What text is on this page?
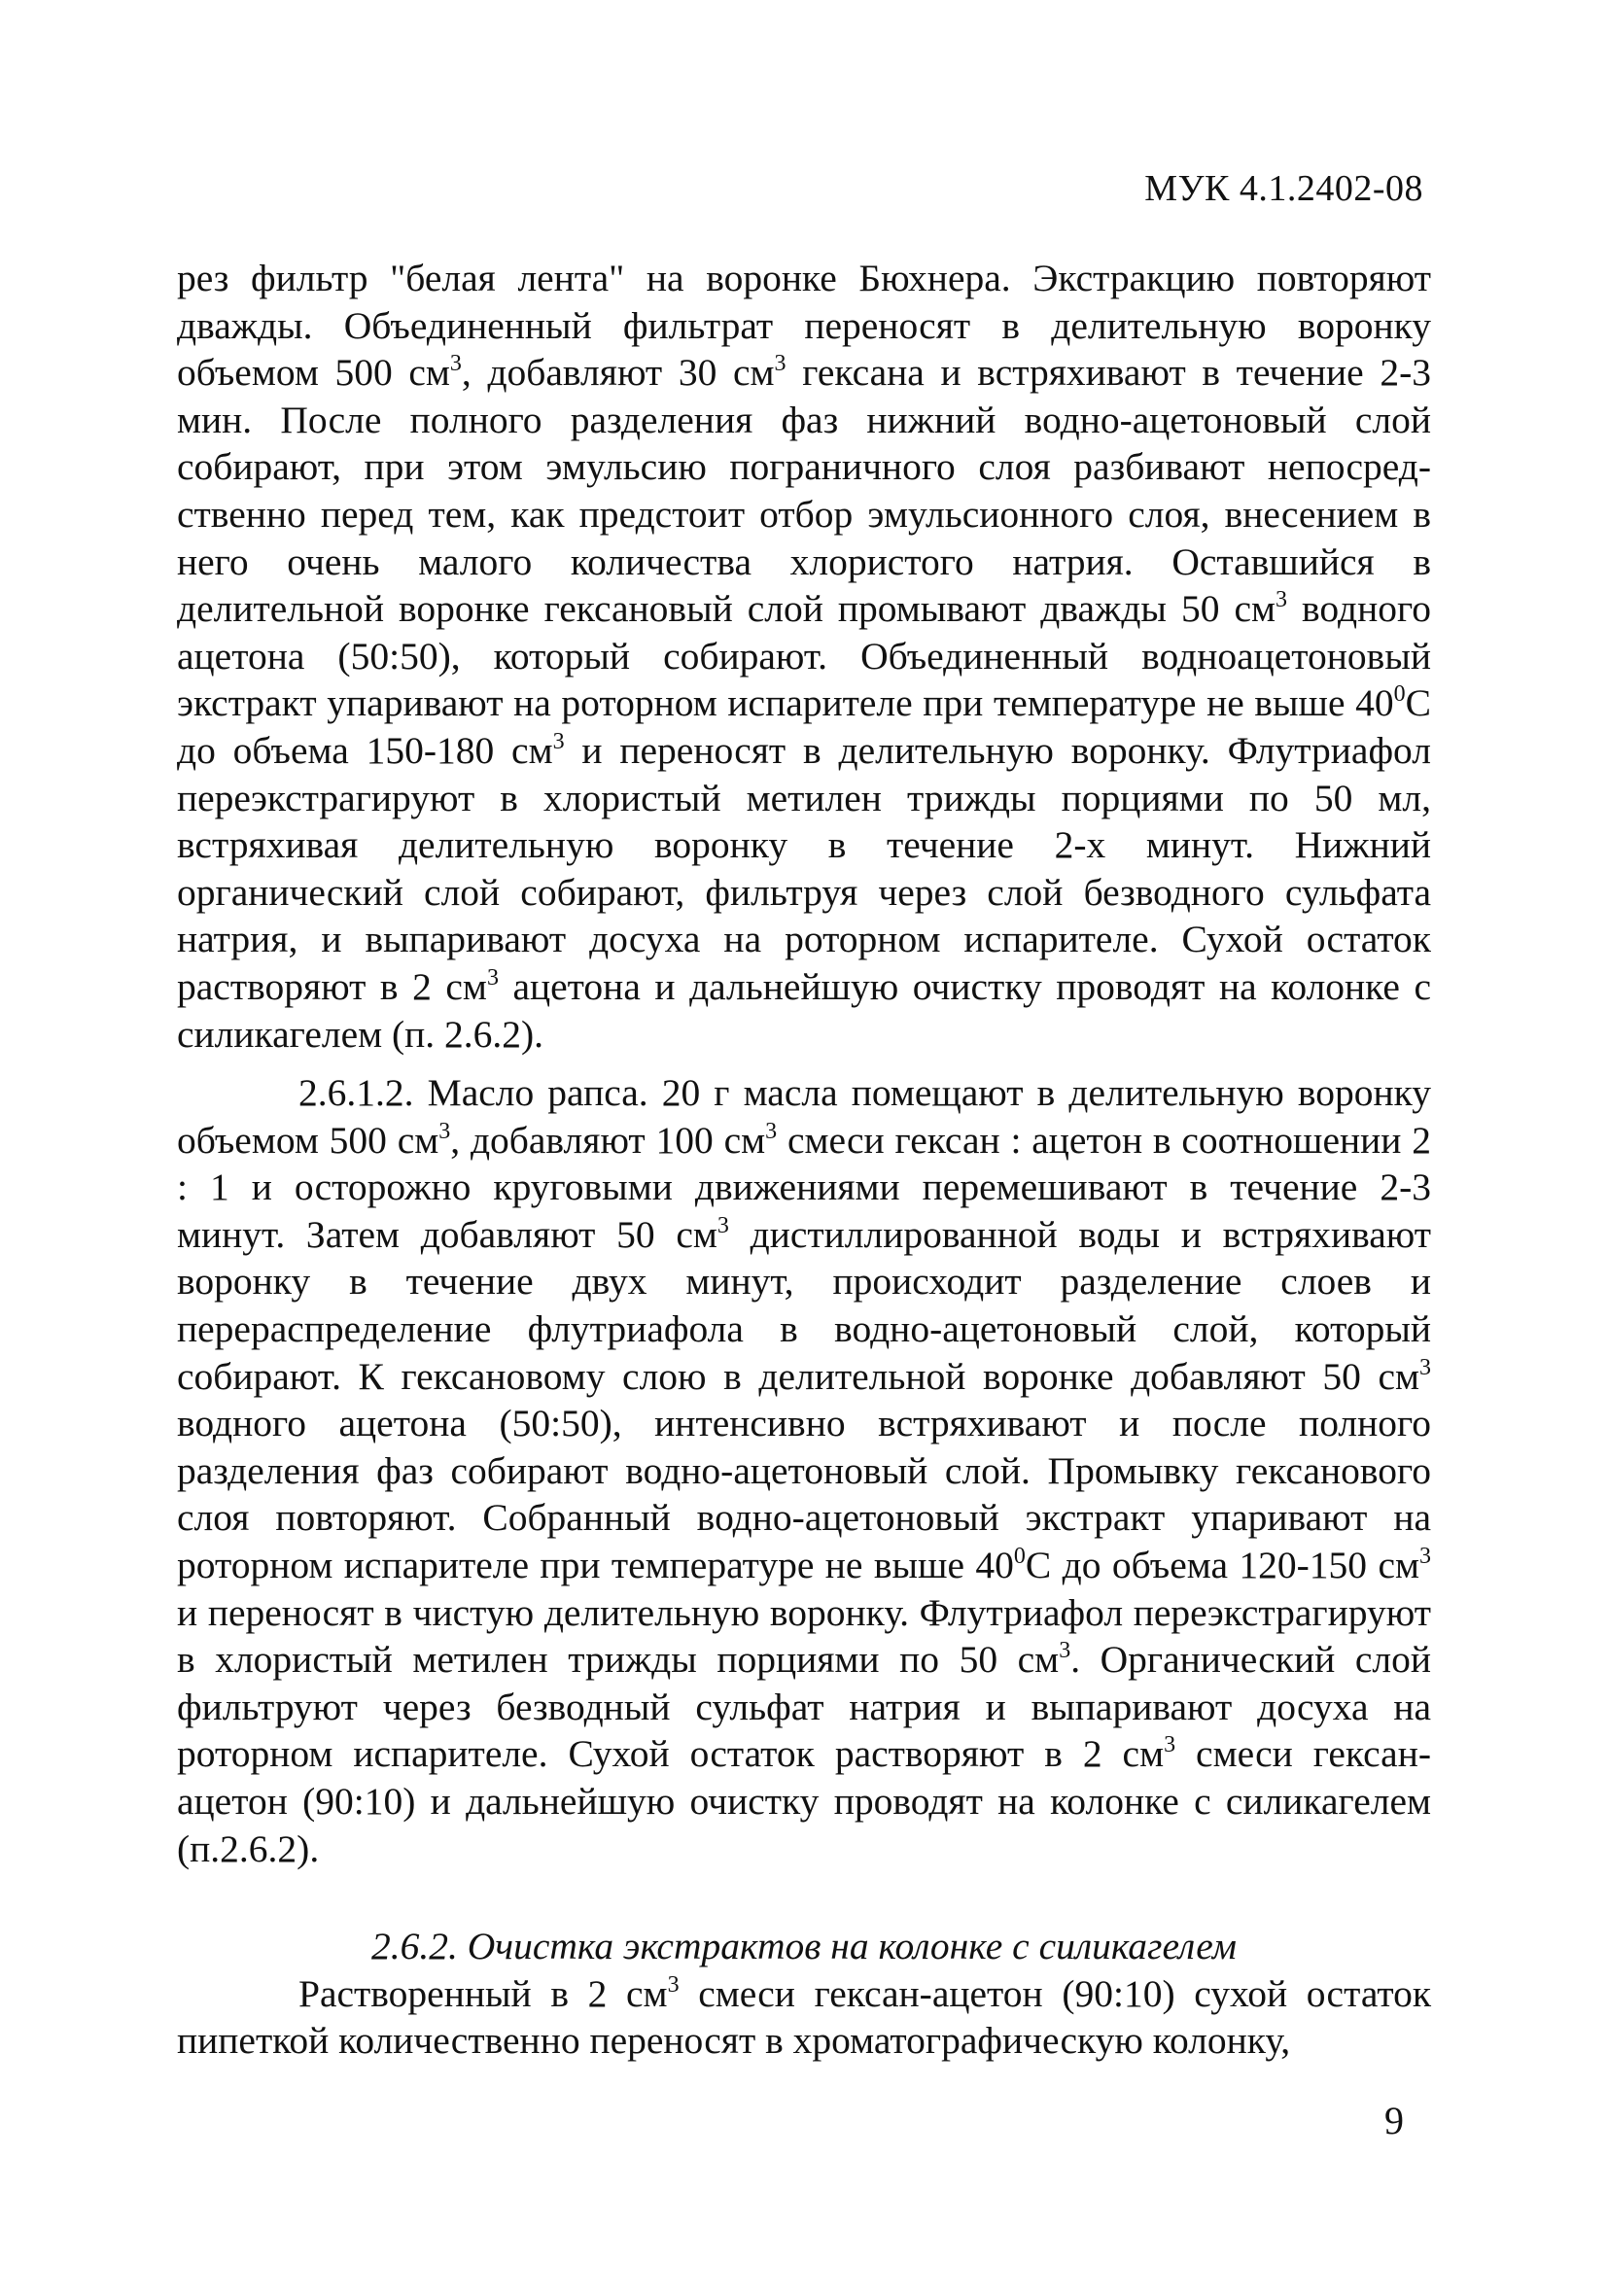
МУК 4.1.2402-08

рез фильтр "белая лента" на воронке Бюхнера. Экстракцию повторяют дважды. Объединенный фильтрат переносят в делительную воронку объемом 500 $см^3$, добавляют 30 $см^3$ гексана и встряхивают в течение 2-3 мин. После полного разделения фаз нижний водно-ацетоновый слой собирают, при этом эмульсию пограничного слоя разбивают непосредственно перед тем, как предстоит отбор эмульсионного слоя, внесением в него очень малого количества хлористого натрия. Оставшийся в делительной воронке гексановый слой промывают дважды 50 $см^3$ водного ацетона (50:50), который собирают. Объединенный водноацетоновый экстракт упаривают на роторном испарителе при температуре не выше $40^0С$ до объема 150-180 $см^3$ и переносят в делительную воронку. Флутриафол переэкстрагируют в хлористый метилен трижды порциями по 50 мл, встряхивая делительную воронку в течение 2-х минут. Нижний органический слой собирают, фильтруя через слой безводного сульфата натрия, и выпаривают досуха на роторном испарителе. Сухой остаток растворяют в 2 $см^3$ ацетона и дальнейшую очистку проводят на колонке с силикагелем (п. 2.6.2).

2.6.1.2. Масло рапса. 20 г масла помещают в делительную воронку объемом 500 $см^3$, добавляют 100 $см^3$ смеси гексан : ацетон в соотношении 2 : 1 и осторожно круговыми движениями перемешивают в течение 2-3 минут. Затем добавляют 50 $см^3$ дистиллированной воды и встряхивают воронку в течение двух минут, происходит разделение слоев и перераспределение флутриафола в водно-ацетоновый слой, который собирают. К гексановому слою в делительной воронке добавляют 50 $см^3$ водного ацетона (50:50), интенсивно встряхивают и после полного разделения фаз собирают водно-ацетоновый слой. Промывку гексанового слоя повторяют. Собранный водно-ацетоновый экстракт упаривают на роторном испарителе при температуре не выше $40^0С$ до объема 120-150 $см^3$ и переносят в чистую делительную воронку. Флутриафол переэкстрагируют в хлористый метилен трижды порциями по 50 $см^3$. Органический слой фильтруют через безводный сульфат натрия и выпаривают досуха на роторном испарителе. Сухой остаток растворяют в 2 $см^3$ смеси гексан-ацетон (90:10) и дальнейшую очистку проводят на колонке с силикагелем (п.2.6.2).

2.6.2. Очистка экстрактов на колонке с силикагелем

Растворенный в 2 $см^3$ смеси гексан-ацетон (90:10) сухой остаток пипеткой количественно переносят в хроматографическую колонку,

9
